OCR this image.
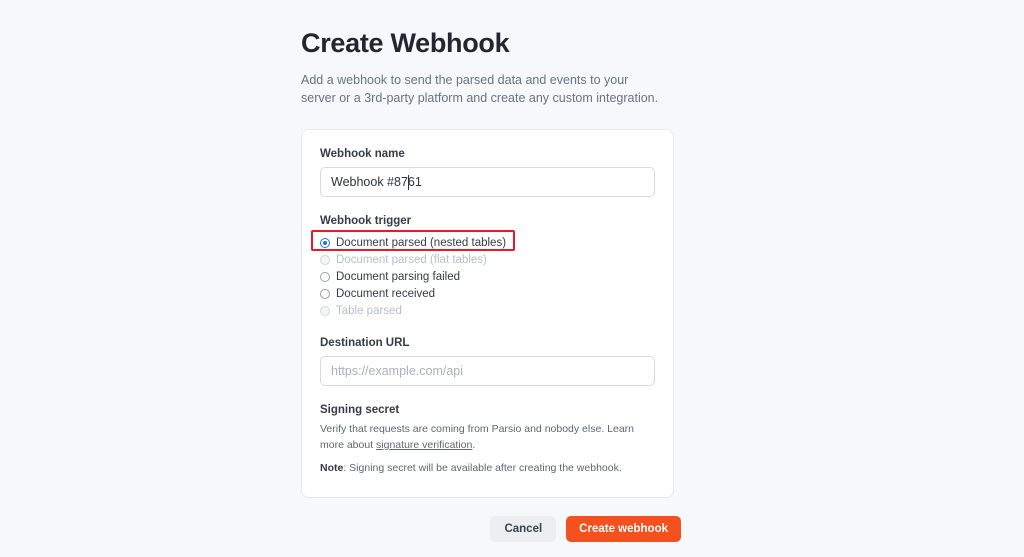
Create Webhook

Add a webhook to send the parsed data and events to your server or a 3rd-party platform and create any custom integration.

Webhook name
Webhook #8761
Webhook trigger
Document parsed (nested tables)
Document parsed (flat tables)
Document parsing failed
Document received
Table parsed
Destination URL
https://example.com/api
Signing secret
Verify that requests are coming from Parsio and nobody else. Learn more about signature verification.
Note: Signing secret will be available after creating the webhook.
Cancel	Create webhook
